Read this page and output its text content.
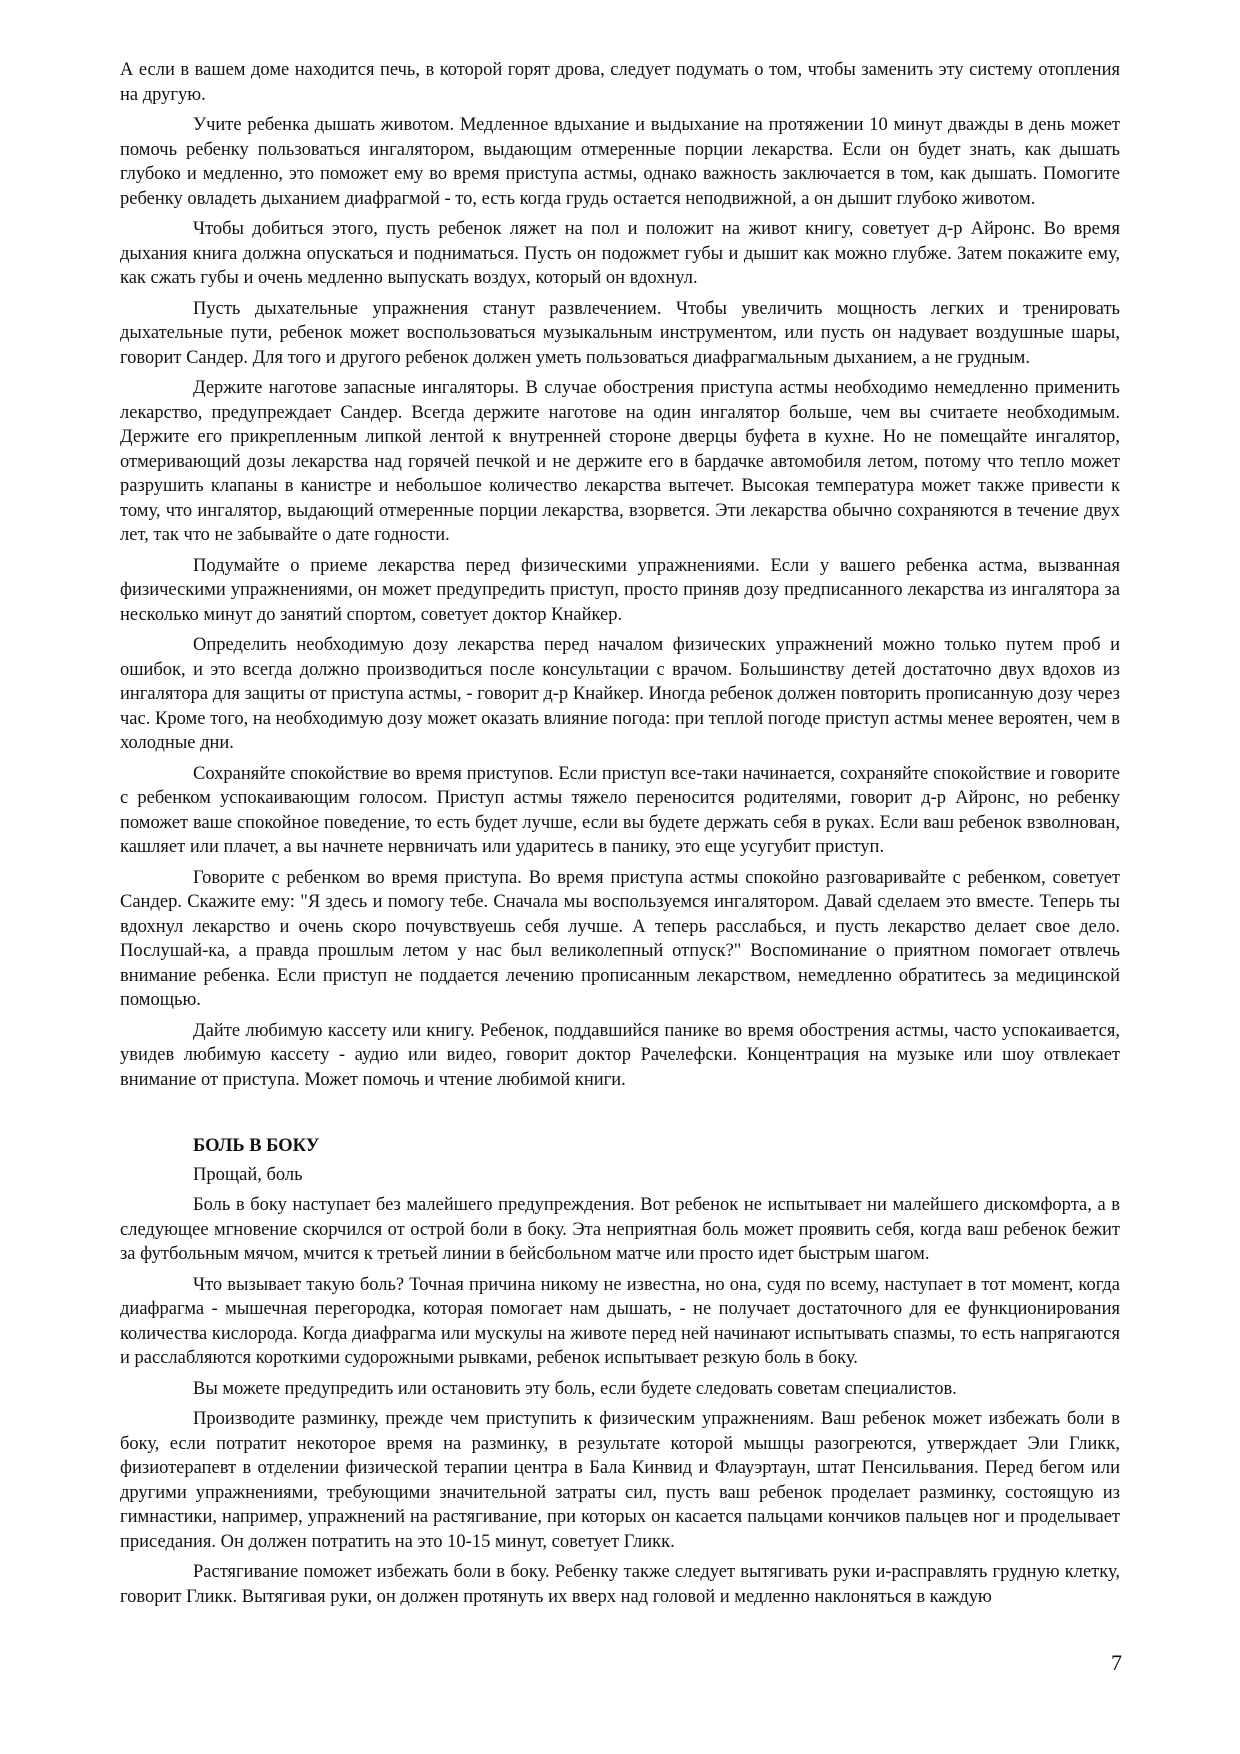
А если в вашем доме находится печь, в которой горят дрова, следует подумать о том, чтобы заменить эту систему отопления на другую.

Учите ребенка дышать животом. Медленное вдыхание и выдыхание на протяжении 10 минут дважды в день может помочь ребенку пользоваться ингалятором, выдающим отмеренные порции лекарства. Если он будет знать, как дышать глубоко и медленно, это поможет ему во время приступа астмы, однако важность заключается в том, как дышать. Помогите ребенку овладеть дыханием диафрагмой - то, есть когда грудь остается неподвижной, а он дышит глубоко животом.

Чтобы добиться этого, пусть ребенок ляжет на пол и положит на живот книгу, советует д-р Айронс. Во время дыхания книга должна опускаться и подниматься. Пусть он подожмет губы и дышит как можно глубже. Затем покажите ему, как сжать губы и очень медленно выпускать воздух, который он вдохнул.

Пусть дыхательные упражнения станут развлечением. Чтобы увеличить мощность легких и тренировать дыхательные пути, ребенок может воспользоваться музыкальным инструментом, или пусть он надувает воздушные шары, говорит Сандер. Для того и другого ребенок должен уметь пользоваться диафрагмальным дыханием, а не грудным.

Держите наготове запасные ингаляторы. В случае обострения приступа астмы необходимо немедленно применить лекарство, предупреждает Сандер. Всегда держите наготове на один ингалятор больше, чем вы считаете необходимым. Держите его прикрепленным липкой лентой к внутренней стороне дверцы буфета в кухне. Но не помещайте ингалятор, отмеривающий дозы лекарства над горячей печкой и не держите его в бардачке автомобиля летом, потому что тепло может разрушить клапаны в канистре и небольшое количество лекарства вытечет. Высокая температура может также привести к тому, что ингалятор, выдающий отмеренные порции лекарства, взорвется. Эти лекарства обычно сохраняются в течение двух лет, так что не забывайте о дате годности.

Подумайте о приеме лекарства перед физическими упражнениями. Если у вашего ребенка астма, вызванная физическими упражнениями, он может предупредить приступ, просто приняв дозу предписанного лекарства из ингалятора за несколько минут до занятий спортом, советует доктор Кнайкер.

Определить необходимую дозу лекарства перед началом физических упражнений можно только путем проб и ошибок, и это всегда должно производиться после консультации с врачом. Большинству детей достаточно двух вдохов из ингалятора для защиты от приступа астмы, - говорит д-р Кнайкер. Иногда ребенок должен повторить прописанную дозу через час. Кроме того, на необходимую дозу может оказать влияние погода: при теплой погоде приступ астмы менее вероятен, чем в холодные дни.

Сохраняйте спокойствие во время приступов. Если приступ все-таки начинается, сохраняйте спокойствие и говорите с ребенком успокаивающим голосом. Приступ астмы тяжело переносится родителями, говорит д-р Айронс, но ребенку поможет ваше спокойное поведение, то есть будет лучше, если вы будете держать себя в руках. Если ваш ребенок взволнован, кашляет или плачет, а вы начнете нервничать или ударитесь в панику, это еще усугубит приступ.

Говорите с ребенком во время приступа. Во время приступа астмы спокойно разговаривайте с ребенком, советует Сандер. Скажите ему: "Я здесь и помогу тебе. Сначала мы воспользуемся ингалятором. Давай сделаем это вместе. Теперь ты вдохнул лекарство и очень скоро почувствуешь себя лучше. А теперь расслабься, и пусть лекарство делает свое дело. Послушай-ка, а правда прошлым летом у нас был великолепный отпуск?" Воспоминание о приятном помогает отвлечь внимание ребенка. Если приступ не поддается лечению прописанным лекарством, немедленно обратитесь за медицинской помощью.

Дайте любимую кассету или книгу. Ребенок, поддавшийся панике во время обострения астмы, часто успокаивается, увидев любимую кассету - аудио или видео, говорит доктор Рачелефски. Концентрация на музыке или шоу отвлекает внимание от приступа. Может помочь и чтение любимой книги.

БОЛЬ В БОКУ

Прощай, боль

Боль в боку наступает без малейшего предупреждения. Вот ребенок не испытывает ни малейшего дискомфорта, а в следующее мгновение скорчился от острой боли в боку. Эта неприятная боль может проявить себя, когда ваш ребенок бежит за футбольным мячом, мчится к третьей линии в бейсбольном матче или просто идет быстрым шагом.

Что вызывает такую боль? Точная причина никому не известна, но она, судя по всему, наступает в тот момент, когда диафрагма - мышечная перегородка, которая помогает нам дышать, - не получает достаточного для ее функционирования количества кислорода. Когда диафрагма или мускулы на животе перед ней начинают испытывать спазмы, то есть напрягаются и расслабляются короткими судорожными рывками, ребенок испытывает резкую боль в боку.

Вы можете предупредить или остановить эту боль, если будете следовать советам специалистов.

Производите разминку, прежде чем приступить к физическим упражнениям. Ваш ребенок может избежать боли в боку, если потратит некоторое время на разминку, в результате которой мышцы разогреются, утверждает Эли Гликк, физиотерапевт в отделении физической терапии центра в Бала Кинвид и Флауэртаун, штат Пенсильвания. Перед бегом или другими упражнениями, требующими значительной затраты сил, пусть ваш ребенок проделает разминку, состоящую из гимнастики, например, упражнений на растягивание, при которых он касается пальцами кончиков пальцев ног и проделывает приседания. Он должен потратить на это 10-15 минут, советует Гликк.

Растягивание поможет избежать боли в боку. Ребенку также следует вытягивать руки и-расправлять грудную клетку, говорит Гликк. Вытягивая руки, он должен протянуть их вверх над головой и медленно наклоняться в каждую

7
